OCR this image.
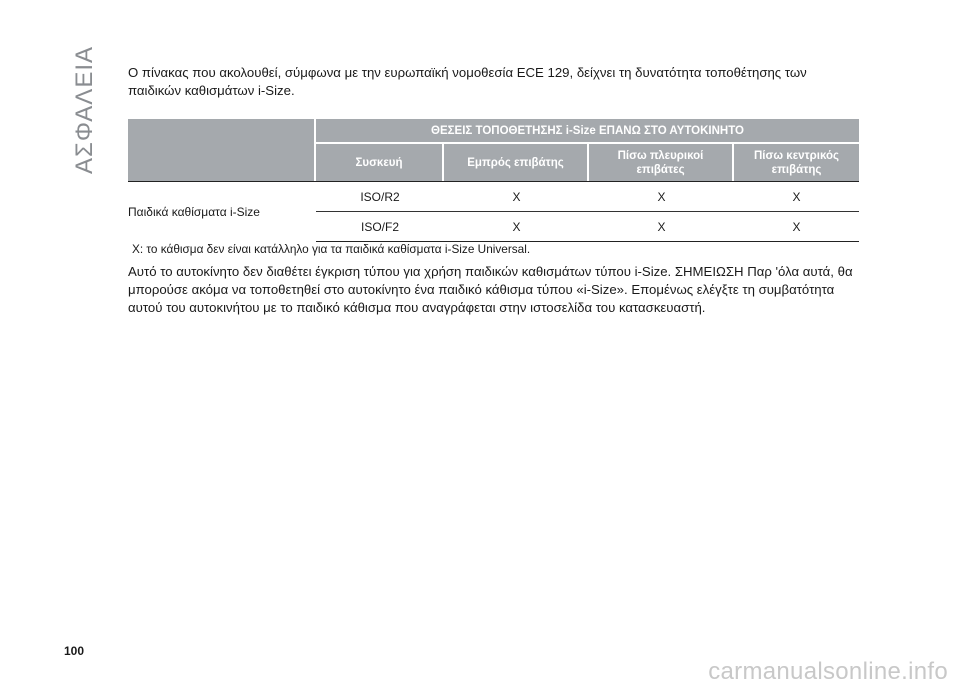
ΑΣΦΑΛΕΙΑ Ο πίνακας που ακολουθεί, σύμφωνα με την ευρωπαϊκή νομοθεσία ECE 129, δείχνει τη δυνατότητα τοποθέτησης των παιδικών καθισμάτων i-Size.

	ΘΕΣΕΙΣ ΤΟΠΟΘΕΤΗΣΗΣ i-Size ΕΠΑΝΩ ΣΤΟ ΑΥΤΟΚΙΝΗΤΟ			
	Συσκευή	Εμπρός επιβάτης	Πίσω πλευρικοί επιβάτες	Πίσω κεντρικός επιβάτης
Παιδικά καθίσματα i-Size	ISO/R2	X	X	X
	ISO/F2	X	X	X

X: το κάθισμα δεν είναι κατάλληλο για τα παιδικά καθίσματα i-Size Universal.

Αυτό το αυτοκίνητο δεν διαθέτει έγκριση τύπου για χρήση παιδικών καθισμάτων τύπου i-Size. ΣΗΜΕΙΩΣΗ Παρ 'όλα αυτά, θα μπορούσε ακόμα να τοποθετηθεί στο αυτοκίνητο ένα παιδικό κάθισμα τύπου «i-Size». Επομένως ελέγξτε τη συμβατότητα αυτού του αυτοκινήτου με το παιδικό κάθισμα που αναγράφεται στην ιστοσελίδα του κατασκευαστή.

100
carmanualsonline.info
